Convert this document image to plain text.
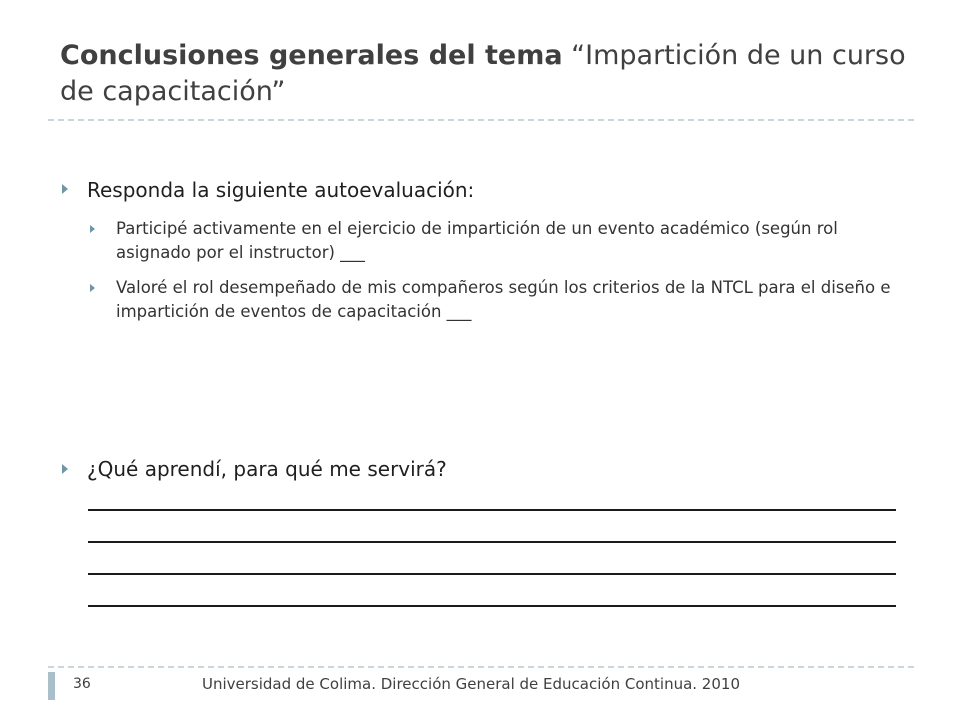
Conclusiones generales del tema “Impartición de un curso de capacitación”
Responda la siguiente autoevaluación:
Participé activamente en el ejercicio de impartición de un evento académico (según rol asignado por el instructor) ___
Valoré el rol desempeñado de mis compañeros según los criterios de la NTCL para el diseño e impartición de eventos de capacitación ___
¿Qué aprendí, para qué me servirá?
36	Universidad de Colima. Dirección General de Educación Continua. 2010
